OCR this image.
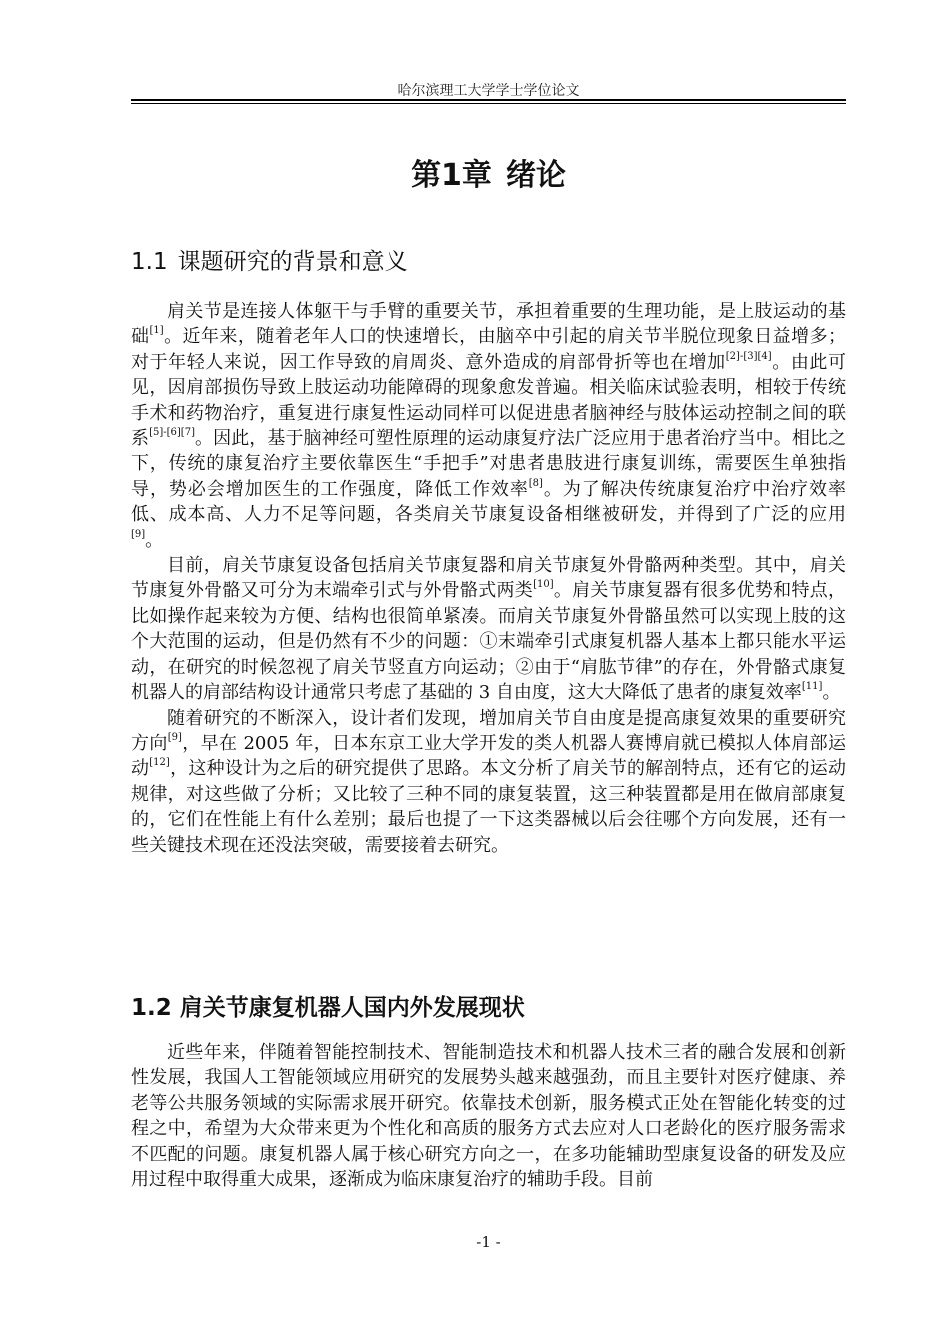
哈尔滨理工大学学士学位论文
第1章 绪论
1.1 课题研究的背景和意义

肩关节是连接人体躯干与手臂的重要关节，承担着重要的生理功能，是上肢运动的基础[1]。近年来，随着老年人口的快速增长，由脑卒中引起的肩关节半脱位现象日益增多；对于年轻人来说，因工作导致的肩周炎、意外造成的肩部骨折等也在增加[2]-[3][4]。由此可见，因肩部损伤导致上肢运动功能障碍的现象愈发普遍。相关临床试验表明，相较于传统手术和药物治疗，重复进行康复性运动同样可以促进患者脑神经与肢体运动控制之间的联系[5]-[6][7]。因此，基于脑神经可塑性原理的运动康复疗法广泛应用于患者治疗当中。相比之下，传统的康复治疗主要依靠医生“手把手”对患者患肢进行康复训练，需要医生单独指导，势必会增加医生的工作强度，降低工作效率[8]。为了解决传统康复治疗中治疗效率低、成本高、人力不足等问题，各类肩关节康复设备相继被研发，并得到了广泛的应用[9]。

目前，肩关节康复设备包括肩关节康复器和肩关节康复外骨骼两种类型。其中，肩关节康复外骨骼又可分为末端牵引式与外骨骼式两类[10]。肩关节康复器有很多优势和特点，比如操作起来较为方便、结构也很简单紧凑。而肩关节康复外骨骼虽然可以实现上肢的这个大范围的运动，但是仍然有不少的问题：①末端牵引式康复机器人基本上都只能水平运动，在研究的时候忽视了肩关节竖直方向运动；②由于“肩肱节律”的存在，外骨骼式康复机器人的肩部结构设计通常只考虑了基础的 3 自由度，这大大降低了患者的康复效率[11]。

随着研究的不断深入，设计者们发现，增加肩关节自由度是提高康复效果的重要研究方向[9]，早在 2005 年，日本东京工业大学开发的类人机器人赛博肩就已模拟人体肩部运动[12]，这种设计为之后的研究提供了思路。本文分析了肩关节的解剖特点，还有它的运动规律，对这些做了分析；又比较了三种不同的康复装置，这三种装置都是用在做肩部康复的，它们在性能上有什么差别；最后也提了一下这类器械以后会往哪个方向发展，还有一些关键技术现在还没法突破，需要接着去研究。

1.2 肩关节康复机器人国内外发展现状

近些年来，伴随着智能控制技术、智能制造技术和机器人技术三者的融合发展和创新性发展，我国人工智能领域应用研究的发展势头越来越强劲，而且主要针对医疗健康、养老等公共服务领域的实际需求展开研究。依靠技术创新，服务模式正处在智能化转变的过程之中，希望为大众带来更为个性化和高质的服务方式去应对人口老龄化的医疗服务需求不匹配的问题。康复机器人属于核心研究方向之一，在多功能辅助型康复设备的研发及应用过程中取得重大成果，逐渐成为临床康复治疗的辅助手段。目前

-1 -
